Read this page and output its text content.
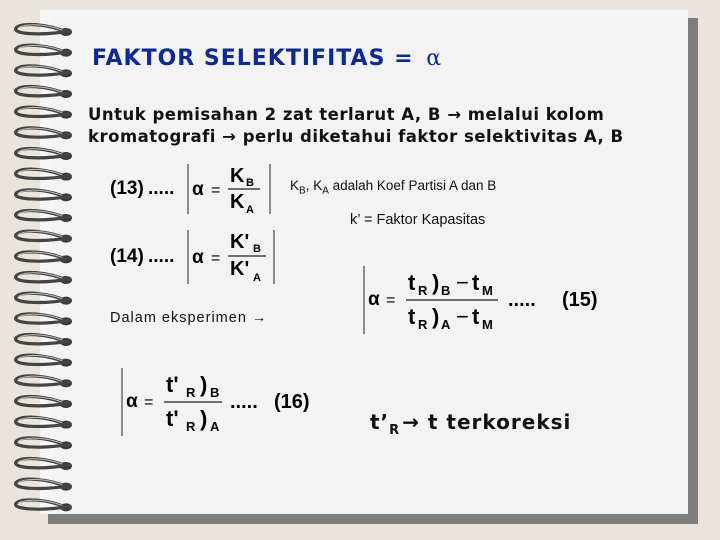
FAKTOR SELEKTIFITAS = α
Untuk pemisahan 2 zat terlarut A, B → melalui kolom
kromatografi → perlu diketahui faktor selektivitas A, B
(13) ..... α =
K B
K A
$K_B$, $K_A$ adalah Koef Partisi A dan B
k’ = Faktor Kapasitas
(14) ..... α =
K' B
K' A
α =
t R ) B − t M
t R ) A − t M
..... (15)
Dalam eksperimen →
α =
t' R ) B
t' R ) A
..... (16)
$t’_R \to t$ terkoreksi
